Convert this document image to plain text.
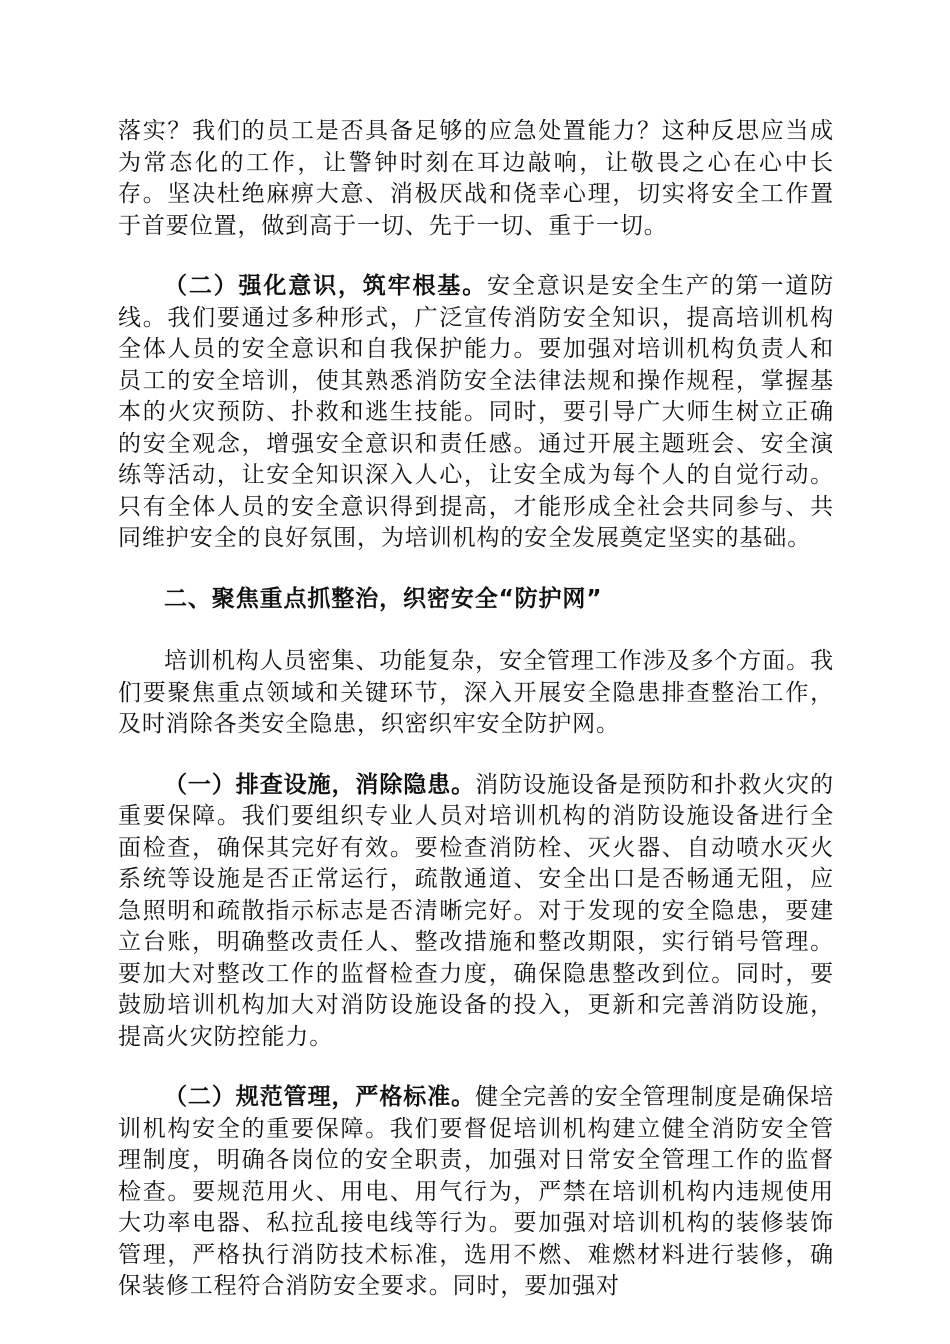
落实？我们的员工是否具备足够的应急处置能力？这种反思应当成为常态化的工作，让警钟时刻在耳边敲响，让敬畏之心在心中长存。坚决杜绝麻痹大意、消极厌战和侥幸心理，切实将安全工作置于首要位置，做到高于一切、先于一切、重于一切。

（二）强化意识，筑牢根基。安全意识是安全生产的第一道防线。我们要通过多种形式，广泛宣传消防安全知识，提高培训机构全体人员的安全意识和自我保护能力。要加强对培训机构负责人和员工的安全培训，使其熟悉消防安全法律法规和操作规程，掌握基本的火灾预防、扑救和逃生技能。同时，要引导广大师生树立正确的安全观念，增强安全意识和责任感。通过开展主题班会、安全演练等活动，让安全知识深入人心，让安全成为每个人的自觉行动。只有全体人员的安全意识得到提高，才能形成全社会共同参与、共同维护安全的良好氛围，为培训机构的安全发展奠定坚实的基础。

二、聚焦重点抓整治，织密安全“防护网”

培训机构人员密集、功能复杂，安全管理工作涉及多个方面。我们要聚焦重点领域和关键环节，深入开展安全隐患排查整治工作，及时消除各类安全隐患，织密织牢安全防护网。

（一）排查设施，消除隐患。消防设施设备是预防和扑救火灾的重要保障。我们要组织专业人员对培训机构的消防设施设备进行全面检查，确保其完好有效。要检查消防栓、灭火器、自动喷水灭火系统等设施是否正常运行，疏散通道、安全出口是否畅通无阻，应急照明和疏散指示标志是否清晰完好。对于发现的安全隐患，要建立台账，明确整改责任人、整改措施和整改期限，实行销号管理。要加大对整改工作的监督检查力度，确保隐患整改到位。同时，要鼓励培训机构加大对消防设施设备的投入，更新和完善消防设施，提高火灾防控能力。

（二）规范管理，严格标准。健全完善的安全管理制度是确保培训机构安全的重要保障。我们要督促培训机构建立健全消防安全管理制度，明确各岗位的安全职责，加强对日常安全管理工作的监督检查。要规范用火、用电、用气行为，严禁在培训机构内违规使用大功率电器、私拉乱接电线等行为。要加强对培训机构的装修装饰管理，严格执行消防技术标准，选用不燃、难燃材料进行装修，确保装修工程符合消防安全要求。同时，要加强对
